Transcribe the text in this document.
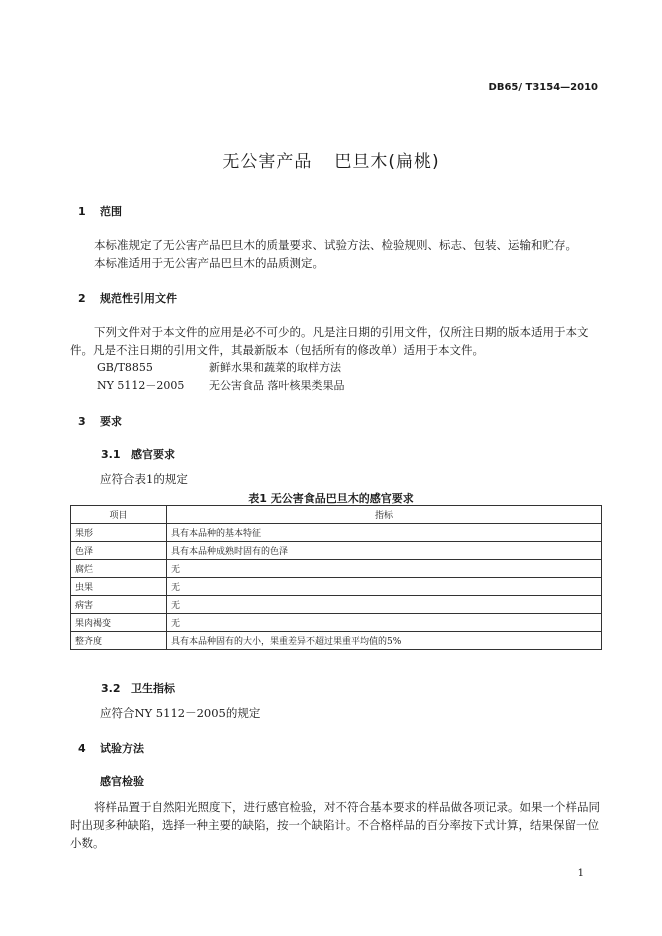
DB65/ T3154—2010
无公害产品 巴旦木(扁桃)
1 范围

本标准规定了无公害产品巴旦木的质量要求、试验方法、检验规则、标志、包装、运输和贮存。

本标准适用于无公害产品巴旦木的品质测定。

2 规范性引用文件

下列文件对于本文件的应用是必不可少的。凡是注日期的引用文件，仅所注日期的版本适用于本文件。凡是不注日期的引用文件，其最新版本（包括所有的修改单）适用于本文件。

GB/T8855	新鲜水果和蔬菜的取样方法
NY 5112－2005	无公害食品 落叶核果类果品
3 要求
3.1 感官要求
应符合表1的规定
表1 无公害食品巴旦木的感官要求
项目	指标
果形	具有本品种的基本特征
色泽	具有本品种成熟时固有的色泽
腐烂	无
虫果	无
病害	无
果肉褐变	无
整齐度	具有本品种固有的大小，果重差异不超过果重平均值的5%
3.2 卫生指标
应符合NY 5112－2005的规定
4 试验方法
感官检验

将样品置于自然阳光照度下，进行感官检验，对不符合基本要求的样品做各项记录。如果一个样品同时出现多种缺陷，选择一种主要的缺陷，按一个缺陷计。不合格样品的百分率按下式计算，结果保留一位小数。

1
